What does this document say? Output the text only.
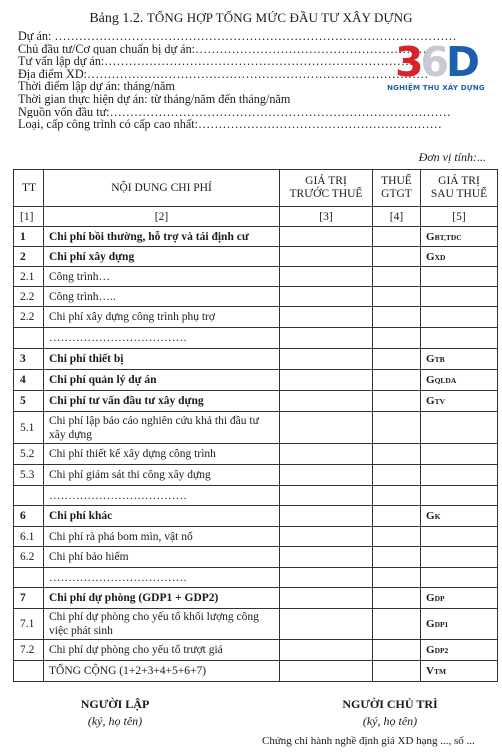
Bảng 1.2. TỔNG HỢP TỔNG MỨC ĐẦU TƯ XÂY DỰNG
Dự án: ………………………………………………………………………………………
Chủ đầu tư/Cơ quan chuẩn bị dự án:…………………………………………………
Tư vấn lập dự án:……………………………………………………………………
Địa điểm XD:…………………………………………………………………………
Thời điểm lập dự án: tháng/năm
Thời gian thực hiện dự án: từ tháng/năm đến tháng/năm
Nguồn vốn đầu tư:…………………………………………………………………………
Loại, cấp công trình có cấp cao nhất:……………………………………………………
36D
NGHIỆM THU XÂY DỰNG
Đơn vị tính:...
TT	NỘI DUNG CHI PHÍ	GIÁ TRỊ TRƯỚC THUẾ	THUẾ GTGT	GIÁ TRỊ SAU THUẾ
[1]	[2]	[3]	[4]	[5]
1	Chi phí bồi thường, hỗ trợ và tái định cư			GBT,TDC
2	Chi phí xây dựng			GXD
2.1	Công trình…			
2.2	Công trình…..			
2.2	Chi phí xây dựng công trình phụ trợ			
	………………………………			
3	Chi phí thiết bị			GTB
4	Chi phí quản lý dự án			GQLDA
5	Chi phí tư vấn đầu tư xây dựng			GTV
5.1	Chi phí lập báo cáo nghiên cứu khả thi đầu tư xây dựng			
5.2	Chi phí thiết kế xây dựng công trình			
5.3	Chi phí giám sát thi công xây dựng			
	………………………………			
6	Chi phí khác			GK
6.1	Chi phí rà phá bom mìn, vật nổ			
6.2	Chi phí bảo hiểm			
	………………………………			
7	Chi phí dự phòng (GDP1 + GDP2)			GDP
7.1	Chi phí dự phòng cho yếu tố khối lượng công việc phát sinh			GDP1
7.2	Chi phí dự phòng cho yếu tố trượt giá			GDP2
	TỔNG CỘNG (1+2+3+4+5+6+7)			VTM
NGƯỜI LẬP
(ký, họ tên)
NGƯỜI CHỦ TRÌ
(ký, họ tên)
Chứng chỉ hành nghề định giá XD hạng ..., số ...
